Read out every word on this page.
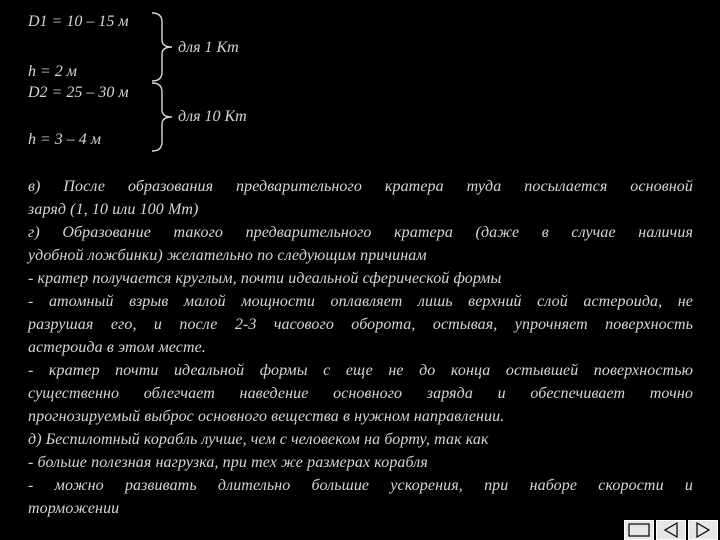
D1 = 10 – 15 м
для 1 Кт
h = 2 м
D2 = 25 – 30 м
для 10 Кт
h = 3 – 4 м
в) После образования предварительного кратера туда посылается основной
заряд (1, 10 или 100 Мт)
г) Образование такого предварительного кратера (даже в случае наличия
удобной ложбинки) желательно по следующим причинам
- кратер получается круглым, почти идеальной сферической формы
- атомный взрыв малой мощности оплавляет лишь верхний слой астероида, не
разрушая его, и после 2-3 часового оборота, остывая, упрочняет поверхность
астероида в этом месте.
- кратер почти идеальной формы с еще не до конца остывшей поверхностью
существенно облегчает наведение основного заряда и обеспечивает точно
прогнозируемый выброс основного вещества в нужном направлении.
д) Беспилотный корабль лучше, чем с человеком на борту, так как
- больше полезная нагрузка, при тех же размерах корабля
- можно развивать длительно большие ускорения, при наборе скорости и
торможении
